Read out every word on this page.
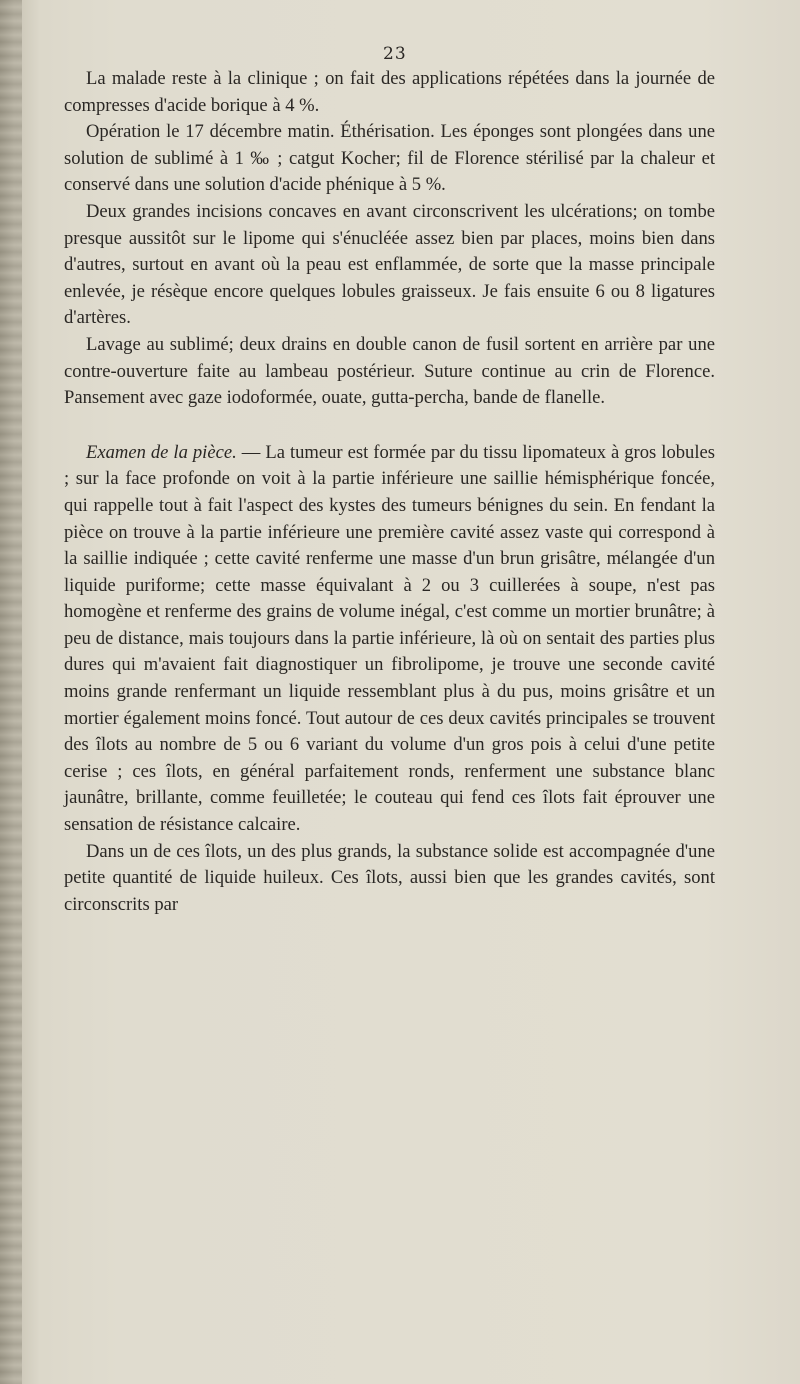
23

La malade reste à la clinique ; on fait des applications répétées dans la journée de compresses d'acide borique à 4 %.

Opération le 17 décembre matin. Éthérisation. Les éponges sont plongées dans une solution de sublimé à 1 ‰ ; catgut Kocher; fil de Florence stérilisé par la chaleur et conservé dans une solution d'acide phénique à 5 %.

Deux grandes incisions concaves en avant circonscrivent les ulcérations; on tombe presque aussitôt sur le lipome qui s'énucléée assez bien par places, moins bien dans d'autres, surtout en avant où la peau est enflammée, de sorte que la masse principale enlevée, je résèque encore quelques lobules graisseux. Je fais ensuite 6 ou 8 ligatures d'artères.

Lavage au sublimé; deux drains en double canon de fusil sortent en arrière par une contre-ouverture faite au lambeau postérieur. Suture continue au crin de Florence. Pansement avec gaze iodoformée, ouate, gutta-percha, bande de flanelle.

Examen de la pièce. — La tumeur est formée par du tissu lipomateux à gros lobules ; sur la face profonde on voit à la partie inférieure une saillie hémisphérique foncée, qui rappelle tout à fait l'aspect des kystes des tumeurs bénignes du sein. En fendant la pièce on trouve à la partie inférieure une première cavité assez vaste qui correspond à la saillie indiquée ; cette cavité renferme une masse d'un brun grisâtre, mélangée d'un liquide puriforme; cette masse équivalant à 2 ou 3 cuillerées à soupe, n'est pas homogène et renferme des grains de volume inégal, c'est comme un mortier brunâtre; à peu de distance, mais toujours dans la partie inférieure, là où on sentait des parties plus dures qui m'avaient fait diagnostiquer un fibrolipome, je trouve une seconde cavité moins grande renfermant un liquide ressemblant plus à du pus, moins grisâtre et un mortier également moins foncé. Tout autour de ces deux cavités principales se trouvent des îlots au nombre de 5 ou 6 variant du volume d'un gros pois à celui d'une petite cerise ; ces îlots, en général parfaitement ronds, renferment une substance blanc jaunâtre, brillante, comme feuilletée; le couteau qui fend ces îlots fait éprouver une sensation de résistance calcaire.

Dans un de ces îlots, un des plus grands, la substance solide est accompagnée d'une petite quantité de liquide huileux. Ces îlots, aussi bien que les grandes cavités, sont circonscrits par
